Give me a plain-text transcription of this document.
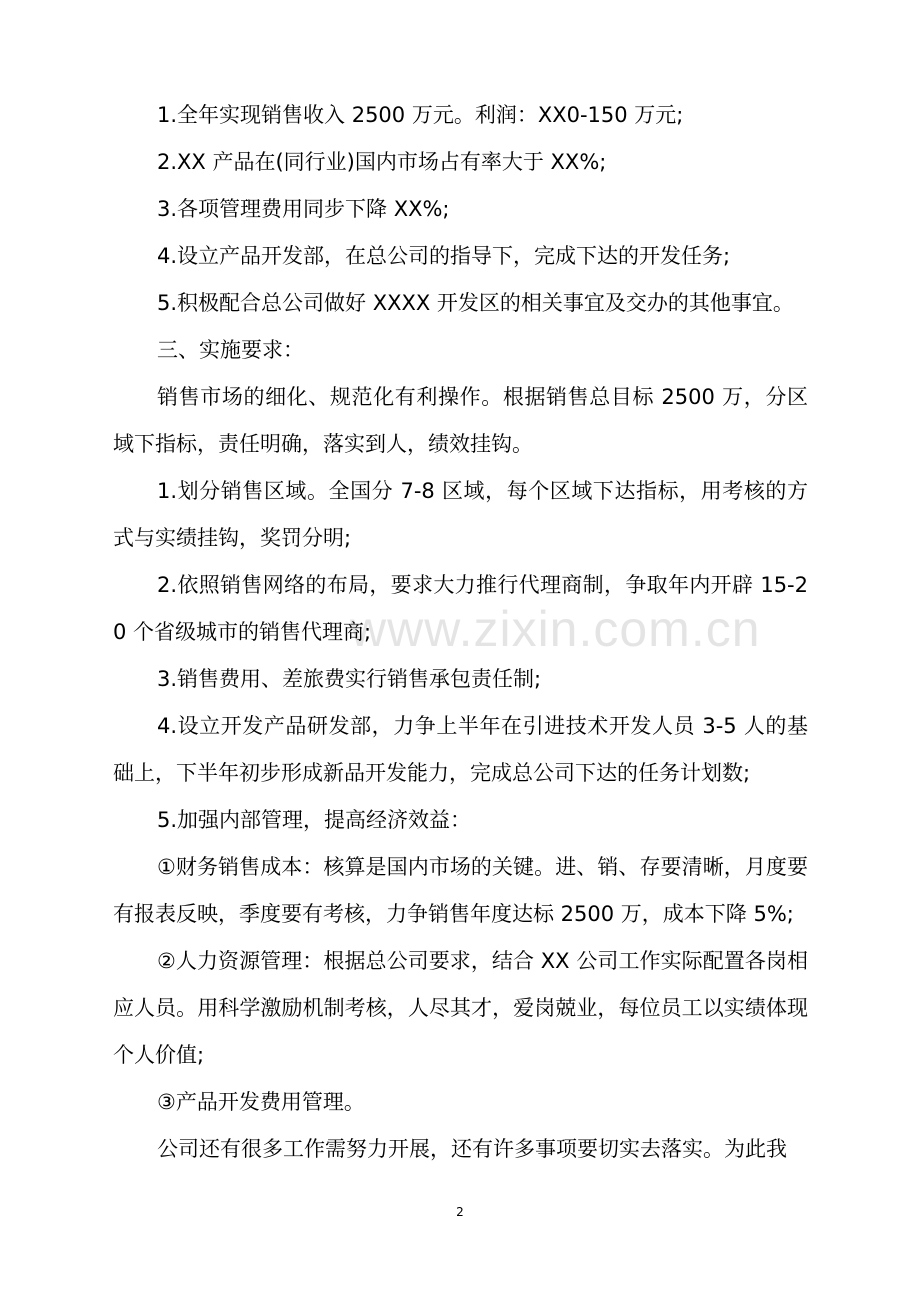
1.全年实现销售收入 2500 万元。利润：XX0-150 万元;

2.XX 产品在(同行业)国内市场占有率大于 XX%;

3.各项管理费用同步下降 XX%;

4.设立产品开发部，在总公司的指导下，完成下达的开发任务;

5.积极配合总公司做好 XXXX 开发区的相关事宜及交办的其他事宜。

三、实施要求：

销售市场的细化、规范化有利操作。根据销售总目标 2500 万，分区域下指标，责任明确，落实到人，绩效挂钩。

1.划分销售区域。全国分 7-8 区域，每个区域下达指标，用考核的方式与实绩挂钩，奖罚分明;

2.依照销售网络的布局，要求大力推行代理商制，争取年内开辟 15-20 个省级城市的销售代理商;

3.销售费用、差旅费实行销售承包责任制;

4.设立开发产品研发部，力争上半年在引进技术开发人员 3-5 人的基础上，下半年初步形成新品开发能力，完成总公司下达的任务计划数;

5.加强内部管理，提高经济效益：

①财务销售成本：核算是国内市场的关键。进、销、存要清晰，月度要有报表反映，季度要有考核，力争销售年度达标 2500 万，成本下降 5%;

②人力资源管理：根据总公司要求，结合 XX 公司工作实际配置各岗相应人员。用科学激励机制考核，人尽其才，爱岗兢业，每位员工以实绩体现个人价值;

③产品开发费用管理。

公司还有很多工作需努力开展，还有许多事项要切实去落实。为此我

www.zixin.com.cn
2
